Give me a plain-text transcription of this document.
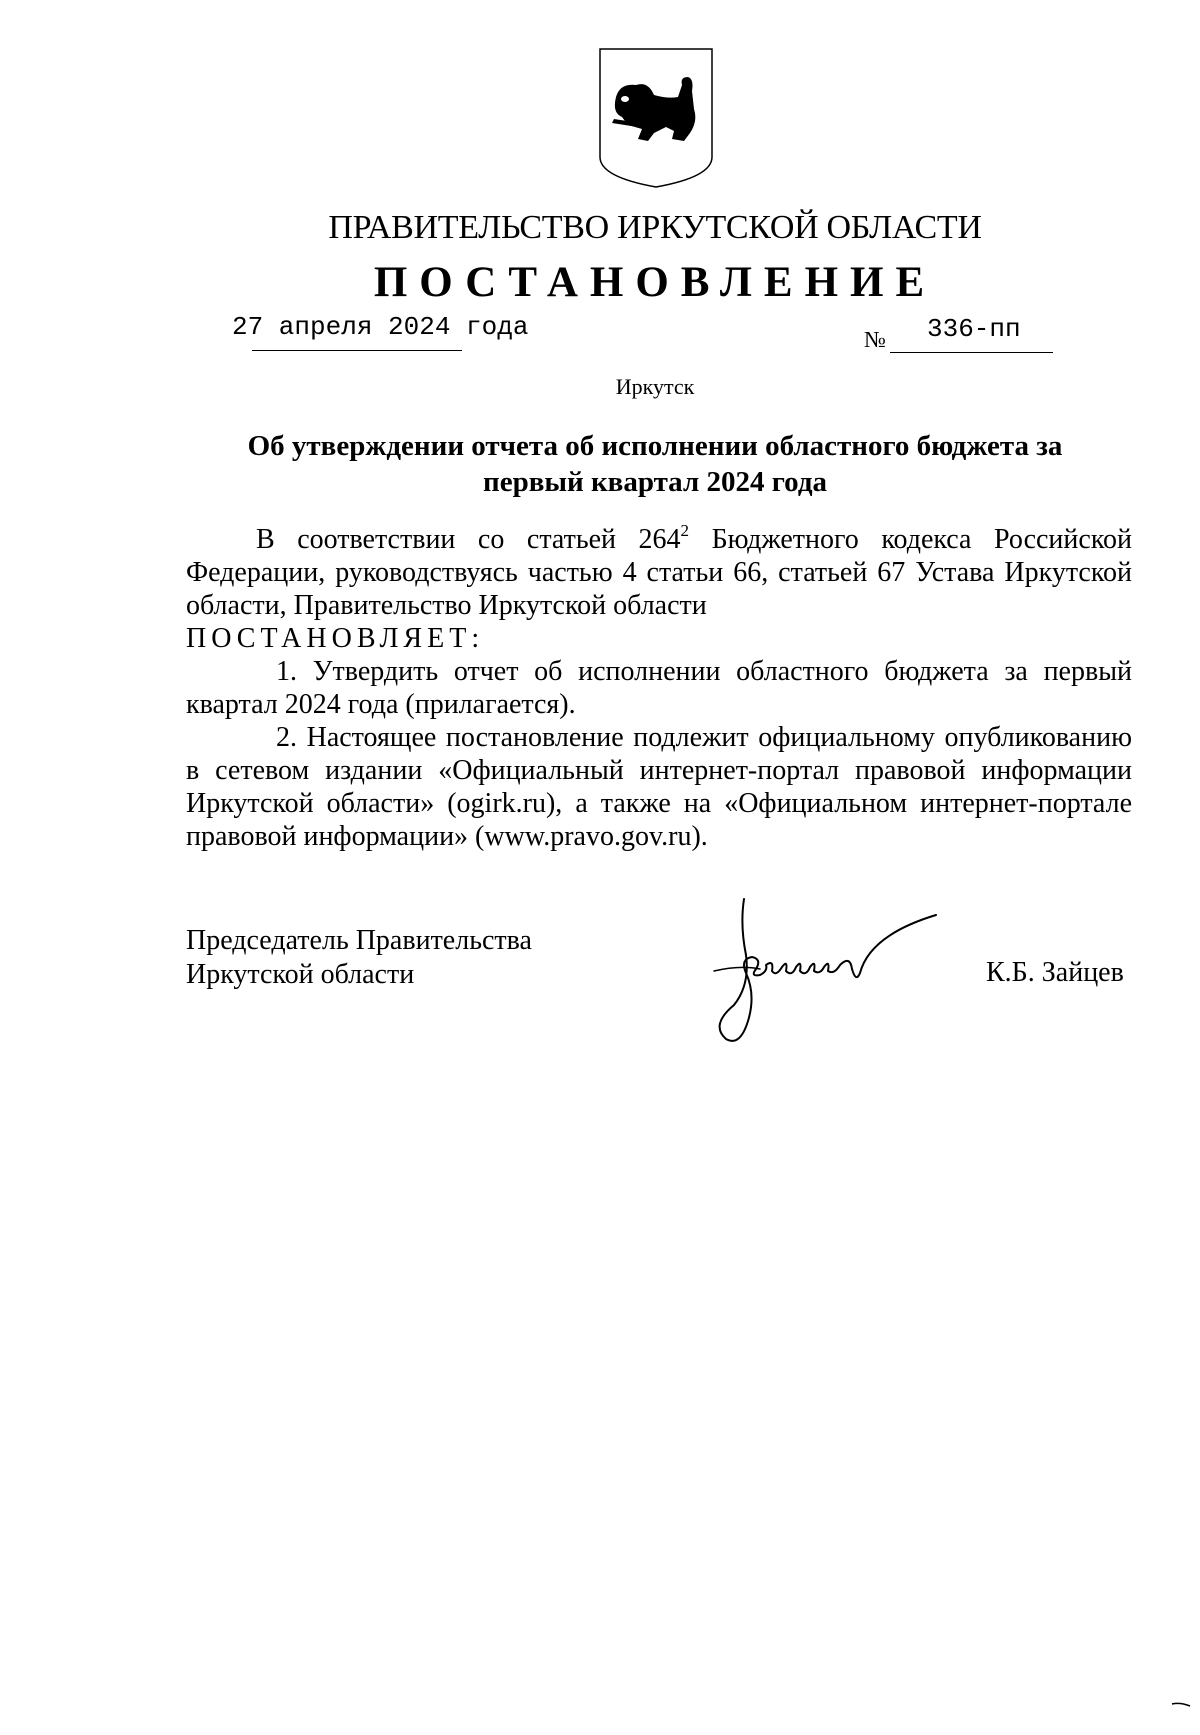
ПРАВИТЕЛЬСТВО ИРКУТСКОЙ ОБЛАСТИ
ПОСТАНОВЛЕНИЕ
27 апреля 2024 года	№ 336-пп
Иркутск
Об утверждении отчета об исполнении областного бюджета за
первый квартал 2024 года

В соответствии со статьей $264^2$ Бюджетного кодекса Российской Федерации, руководствуясь частью 4 статьи 66, статьей 67 Устава Иркутской области, Правительство Иркутской области

ПОСТАНОВЛЯЕТ:

1. Утвердить отчет об исполнении областного бюджета за первый квартал 2024 года (прилагается).

2. Настоящее постановление подлежит официальному опубликованию в сетевом издании «Официальный интернет-портал правовой информации Иркутской области» (ogirk.ru), а также на «Официальном интернет-портале правовой информации» (www.pravo.gov.ru).

Председатель Правительства
Иркутской области	К.Б. Зайцев
